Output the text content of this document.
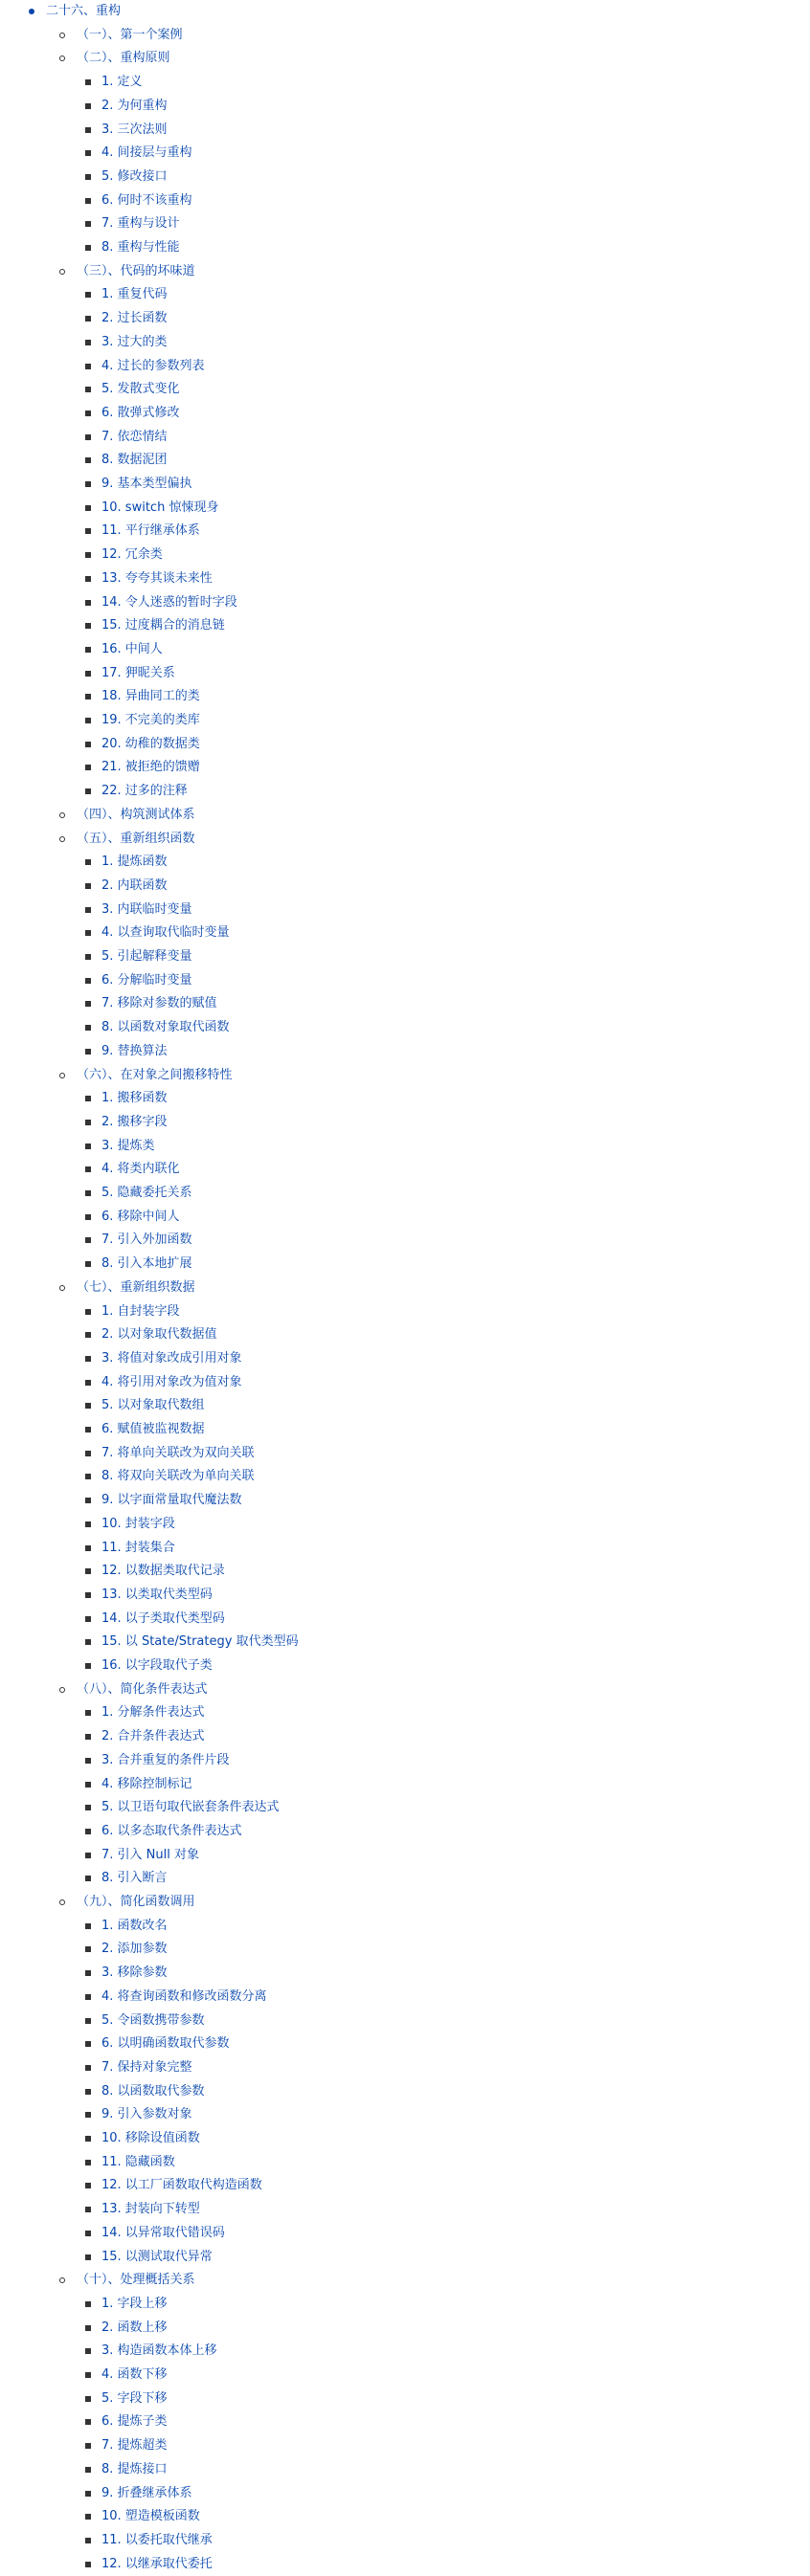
二十六、重构
（一）、第一个案例
（二）、重构原则
1. 定义
2. 为何重构
3. 三次法则
4. 间接层与重构
5. 修改接口
6. 何时不该重构
7. 重构与设计
8. 重构与性能
（三）、代码的坏味道
1. 重复代码
2. 过长函数
3. 过大的类
4. 过长的参数列表
5. 发散式变化
6. 散弹式修改
7. 依恋情结
8. 数据泥团
9. 基本类型偏执
10. switch 惊悚现身
11. 平行继承体系
12. 冗余类
13. 夸夸其谈未来性
14. 令人迷惑的暂时字段
15. 过度耦合的消息链
16. 中间人
17. 狎昵关系
18. 异曲同工的类
19. 不完美的类库
20. 幼稚的数据类
21. 被拒绝的馈赠
22. 过多的注释
（四）、构筑测试体系
（五）、重新组织函数
1. 提炼函数
2. 内联函数
3. 内联临时变量
4. 以查询取代临时变量
5. 引起解释变量
6. 分解临时变量
7. 移除对参数的赋值
8. 以函数对象取代函数
9. 替换算法
（六）、在对象之间搬移特性
1. 搬移函数
2. 搬移字段
3. 提炼类
4. 将类内联化
5. 隐藏委托关系
6. 移除中间人
7. 引入外加函数
8. 引入本地扩展
（七）、重新组织数据
1. 自封装字段
2. 以对象取代数据值
3. 将值对象改成引用对象
4. 将引用对象改为值对象
5. 以对象取代数组
6. 赋值被监视数据
7. 将单向关联改为双向关联
8. 将双向关联改为单向关联
9. 以字面常量取代魔法数
10. 封装字段
11. 封装集合
12. 以数据类取代记录
13. 以类取代类型码
14. 以子类取代类型码
15. 以 State/Strategy 取代类型码
16. 以字段取代子类
（八）、简化条件表达式
1. 分解条件表达式
2. 合并条件表达式
3. 合并重复的条件片段
4. 移除控制标记
5. 以卫语句取代嵌套条件表达式
6. 以多态取代条件表达式
7. 引入 Null 对象
8. 引入断言
（九）、简化函数调用
1. 函数改名
2. 添加参数
3. 移除参数
4. 将查询函数和修改函数分离
5. 令函数携带参数
6. 以明确函数取代参数
7. 保持对象完整
8. 以函数取代参数
9. 引入参数对象
10. 移除设值函数
11. 隐藏函数
12. 以工厂函数取代构造函数
13. 封装向下转型
14. 以异常取代错误码
15. 以测试取代异常
（十）、处理概括关系
1. 字段上移
2. 函数上移
3. 构造函数本体上移
4. 函数下移
5. 字段下移
6. 提炼子类
7. 提炼超类
8. 提炼接口
9. 折叠继承体系
10. 塑造模板函数
11. 以委托取代继承
12. 以继承取代委托
